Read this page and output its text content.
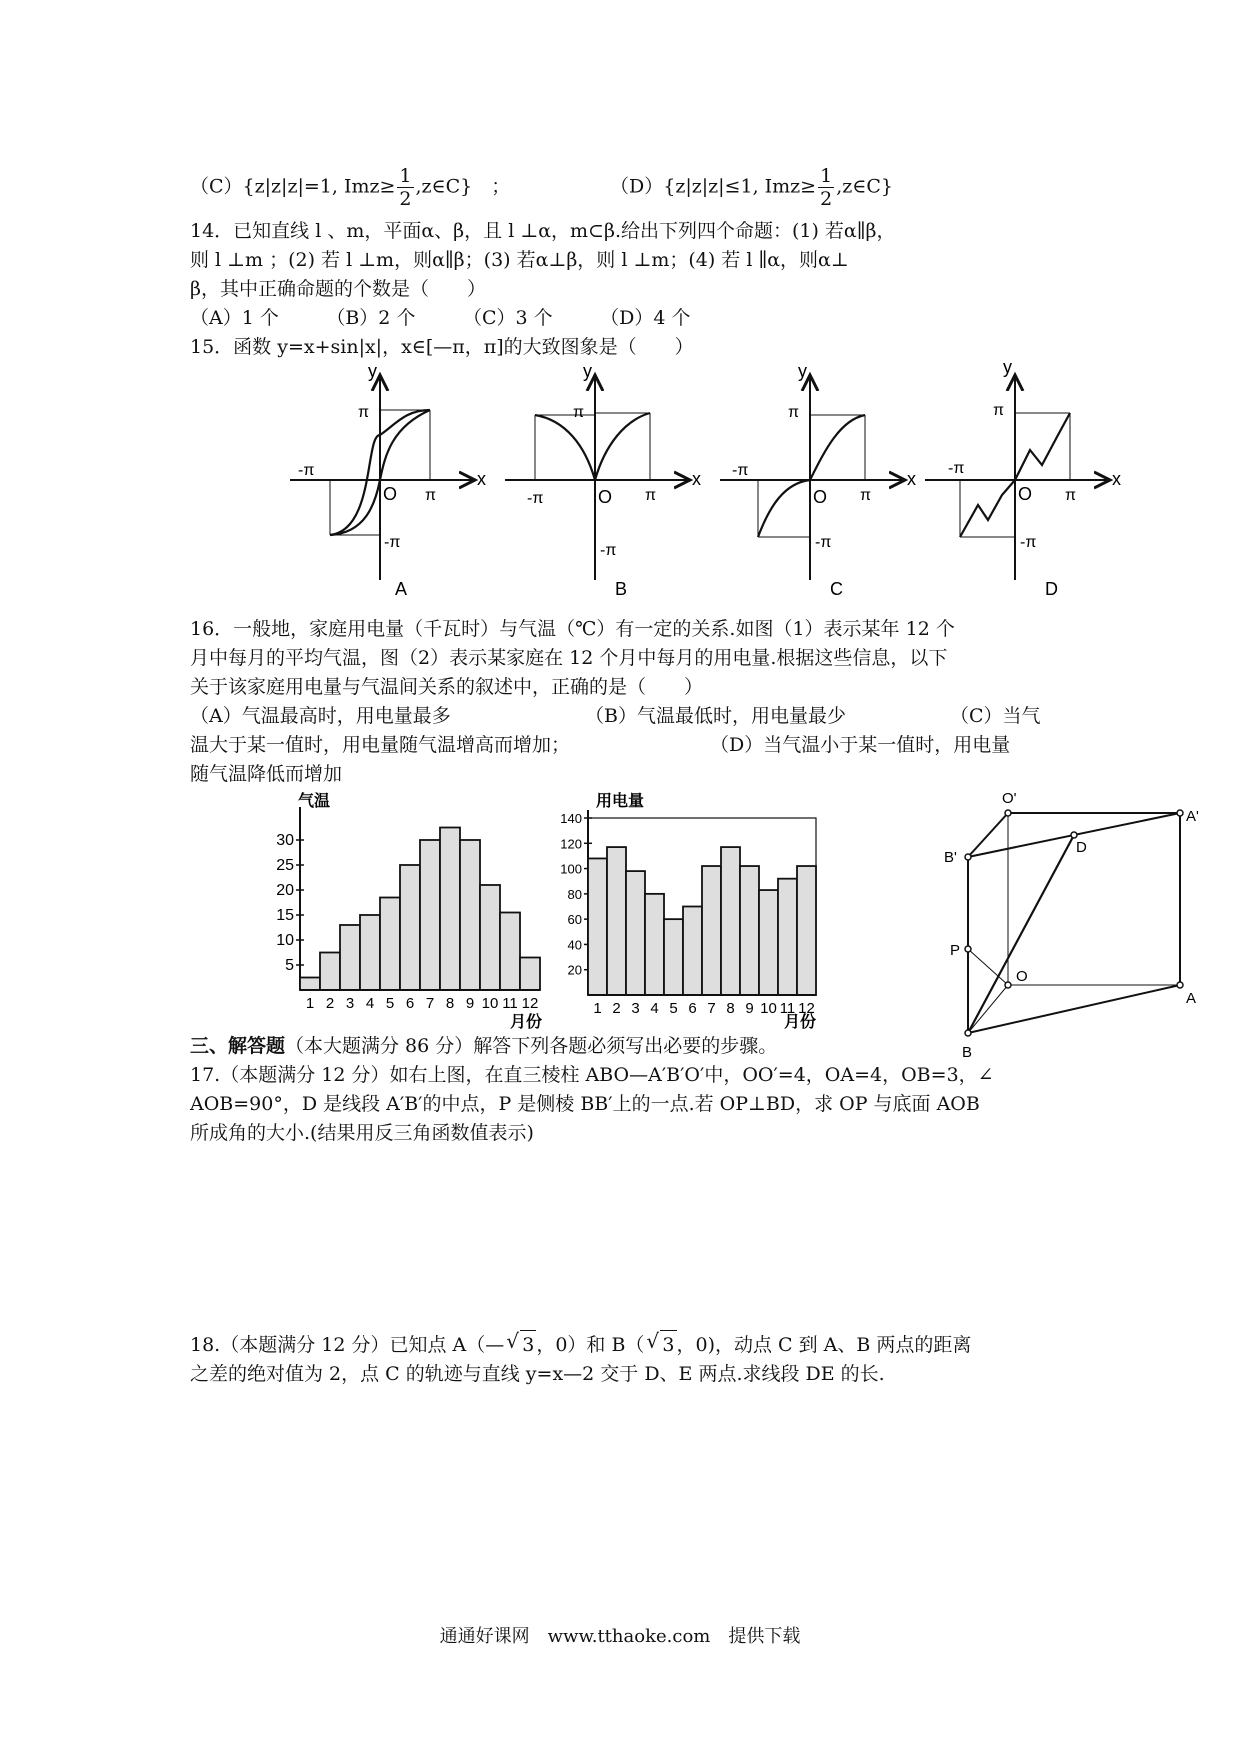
（C）{z|z|z|=1, $Imz\ge \frac{1}{2}$ ,z∈C}　；	（D）{z|z|z|≤1, $Imz\ge \frac{1}{2}$ ,z∈C}
14．已知直线 l 、m，平面α、β，且 l ⊥α，m⊂β.给出下列四个命题：(1) 若α∥β，
则 l ⊥m ；(2) 若 l ⊥m，则α∥β；(3) 若α⊥β，则 l ⊥m；(4) 若 l ∥α，则α⊥
β，其中正确命题的个数是（　　）
（A）1 个　　　（B）2 个　　　（C）3 个　　　（D）4 个
15．函数 y=x+sin|x|，x∈[—π，π]的大致图象是（　　）
y
x
π
π
-π
-π
O
A
y
x
π
π
-π
-π
O
B
y
x
π
π
-π
-π
O
C
y
x
π
π
-π
-π
O
D
16．一般地，家庭用电量（千瓦时）与气温（℃）有一定的关系.如图（1）表示某年 12 个
月中每月的平均气温，图（2）表示某家庭在 12 个月中每月的用电量.根据这些信息，以下
关于该家庭用电量与气温间关系的叙述中，正确的是（　　）
（A）气温最高时，用电量最多	（B）气温最低时，用电量最少	（C）当气
温大于某一值时，用电量随气温增高而增加；	（D）当气温小于某一值时，用电量
随气温降低而增加
气温
月份
5
10
15
20
25
30
1 2 3 4 5 6 7 8 9 10 11 12
用电量
月份
20
40
60
80
100
120
140
1 2 3 4 5 6 7 8 9 10 11 12
O'
A'
B'
D
P
O
A
B
三、解答题（本大题满分 86 分）解答下列各题必须写出必要的步骤。
17.（本题满分 12 分）如右上图，在直三棱柱 ABO—A′B′O′中，OO′=4，OA=4，OB=3，∠
AOB=90°，D 是线段 A′B′的中点，P 是侧棱 BB′上的一点.若 OP⊥BD，求 OP 与底面 AOB
所成角的大小.(结果用反三角函数值表示)
18.（本题满分 12 分）已知点 A（— √ 3 ，0）和 B（ √ 3 ，0)，动点 C 到 A、B 两点的距离
之差的绝对值为 2，点 C 的轨迹与直线 y=x—2 交于 D、E 两点.求线段 DE 的长.
通通好课网　www.tthaoke.com　提供下载
